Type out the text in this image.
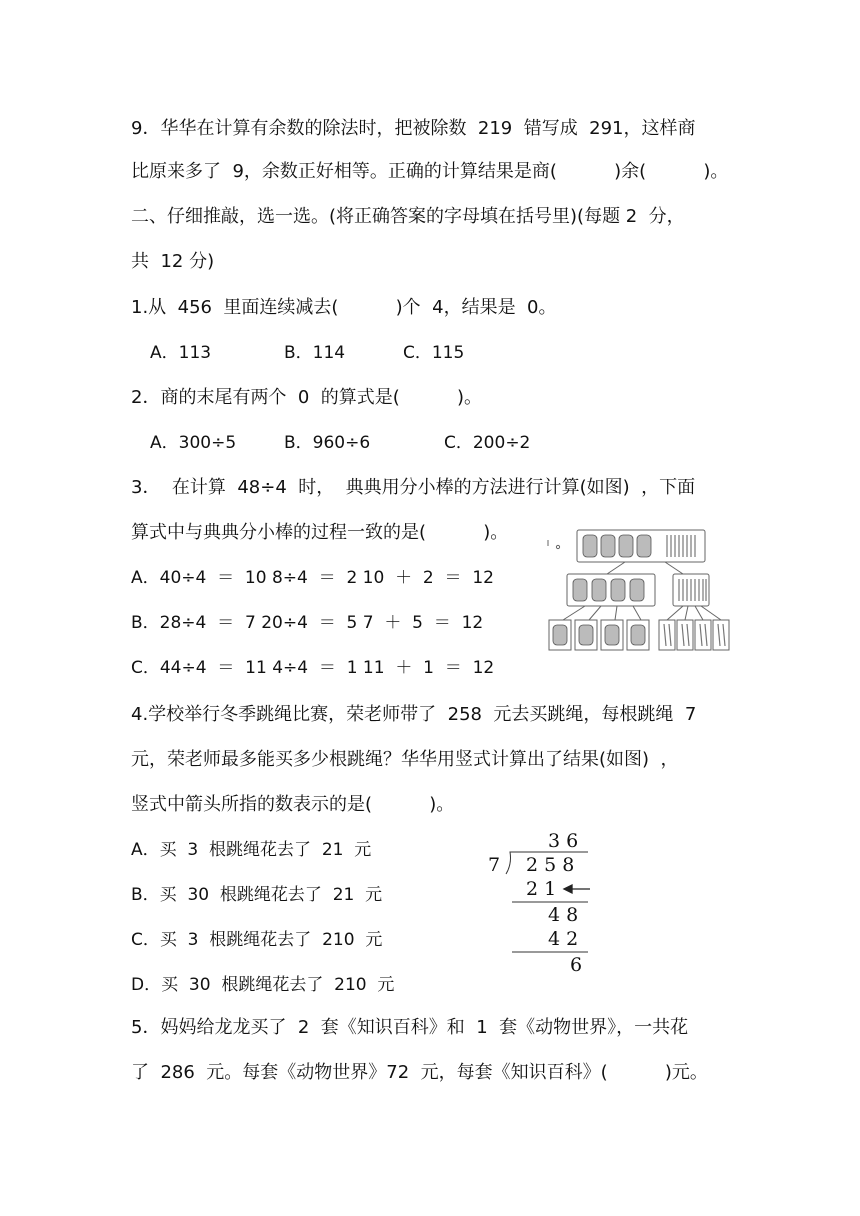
9．华华在计算有余数的除法时，把被除数  219  错写成  291，这样商
比原来多了  9，余数正好相等。正确的计算结果是商(          )余(          )。
二、仔细推敲，选一选。(将正确答案的字母填在括号里)(每题 2  分，
共  12 分)
1.从  456  里面连续减去(          )个  4，结果是  0。
A．113	B．114	C．115
2．商的末尾有两个  0  的算式是(          )。
A．300÷5	B．960÷6	C．200÷2
3．  在计算  48÷4  时，  典典用分小棒的方法进行计算(如图)  ，下面
算式中与典典分小棒的过程一致的是(          )。
A．40÷4  ＝  10 8÷4  ＝  2 10  ＋  2  ＝  12
B．28÷4  ＝  7 20÷4  ＝  5 7  ＋  5  ＝  12
C．44÷4  ＝  11 4÷4  ＝  1 11  ＋  1  ＝  12
4.学校举行冬季跳绳比赛，荣老师带了  258  元去买跳绳，每根跳绳  7
元，荣老师最多能买多少根跳绳？华华用竖式计算出了结果(如图)  ，
竖式中箭头所指的数表示的是(          )。
A．买  3  根跳绳花去了  21  元
B．买  30  根跳绳花去了  21  元
C．买  3  根跳绳花去了  210  元
D．买  30  根跳绳花去了  210  元
3 6
7 2 5 8
2 1
4 8
4 2
6
5．妈妈给龙龙买了  2  套《知识百科》和  1  套《动物世界》，一共花
了  286  元。每套《动物世界》72  元，每套《知识百科》(          )元。
